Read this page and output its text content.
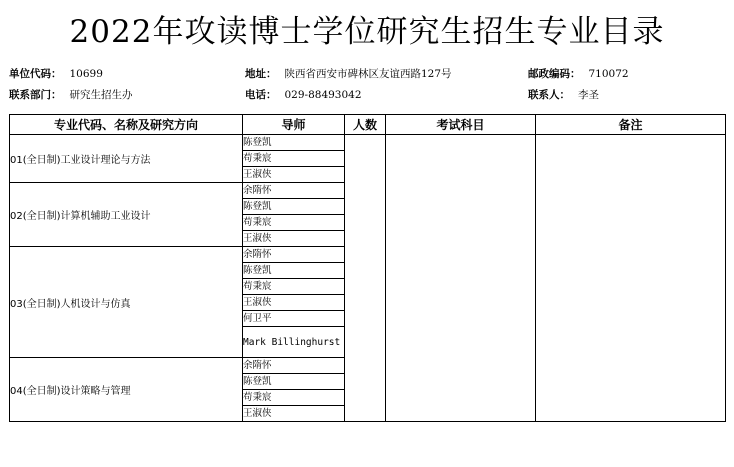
2022年攻读博士学位研究生招生专业目录
单位代码： 10699	地址： 陕西省西安市碑林区友谊西路127号	邮政编码： 710072
联系部门： 研究生招生办	电话： 029-88493042	联系人： 李圣
专业代码、名称及研究方向	导师	人数	考试科目	备注
01(全日制)工业设计理论与方法	陈登凯			
	苟秉宸			
	王淑侠			
02(全日制)计算机辅助工业设计	余隋怀			
	陈登凯			
	苟秉宸			
	王淑侠			
03(全日制)人机设计与仿真	余隋怀			
	陈登凯			
	苟秉宸			
	王淑侠			
	何卫平			
	Mark Billinghurst			
04(全日制)设计策略与管理	余隋怀			
	陈登凯			
	苟秉宸			
	王淑侠			
